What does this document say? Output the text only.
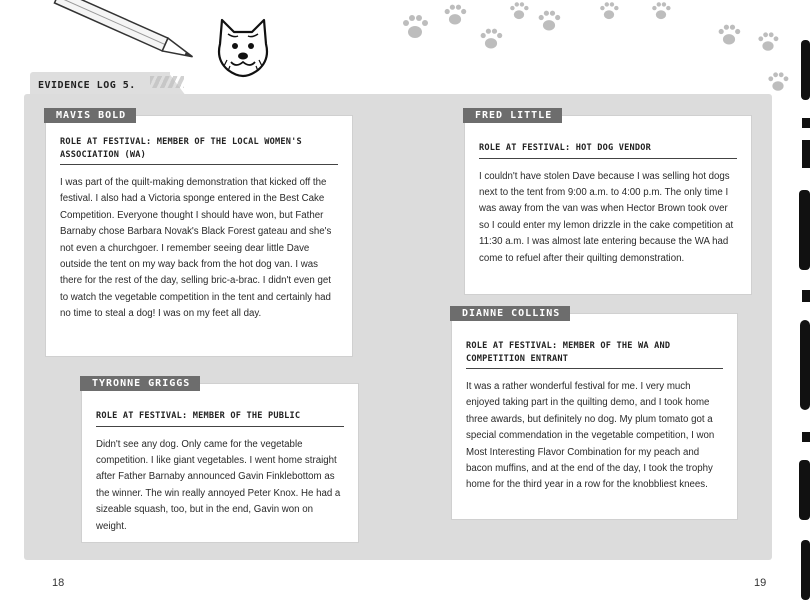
EVIDENCE LOG 5.
MAVIS BOLD
ROLE AT FESTIVAL: MEMBER OF THE LOCAL WOMEN'S ASSOCIATION (WA)
I was part of the quilt-making demonstration that kicked off the festival. I also had a Victoria sponge entered in the Best Cake Competition. Everyone thought I should have won, but Father Barnaby chose Barbara Novak's Black Forest gateau and she's not even a churchgoer. I remember seeing dear little Dave outside the tent on my way back from the hot dog van. I was there for the rest of the day, selling bric-a-brac. I didn't even get to watch the vegetable competition in the tent and certainly had no time to steal a dog! I was on my feet all day.
FRED LITTLE
ROLE AT FESTIVAL: HOT DOG VENDOR
I couldn't have stolen Dave because I was selling hot dogs next to the tent from 9:00 a.m. to 4:00 p.m. The only time I was away from the van was when Hector Brown took over so I could enter my lemon drizzle in the cake competition at 11:30 a.m. I was almost late entering because the WA had come to refuel after their quilting demonstration.
DIANNE COLLINS
ROLE AT FESTIVAL: MEMBER OF THE WA AND COMPETITION ENTRANT
It was a rather wonderful festival for me. I very much enjoyed taking part in the quilting demo, and I took home three awards, but definitely no dog. My plum tomato got a special commendation in the vegetable competition, I won Most Interesting Flavor Combination for my peach and bacon muffins, and at the end of the day, I took the trophy home for the third year in a row for the knobbliest knees.
TYRONNE GRIGGS
ROLE AT FESTIVAL: MEMBER OF THE PUBLIC
Didn't see any dog. Only came for the vegetable competition. I like giant vegetables. I went home straight after Father Barnaby announced Gavin Finklebottom as the winner. The win really annoyed Peter Knox. He had a sizeable squash, too, but in the end, Gavin won on weight.
18	19
